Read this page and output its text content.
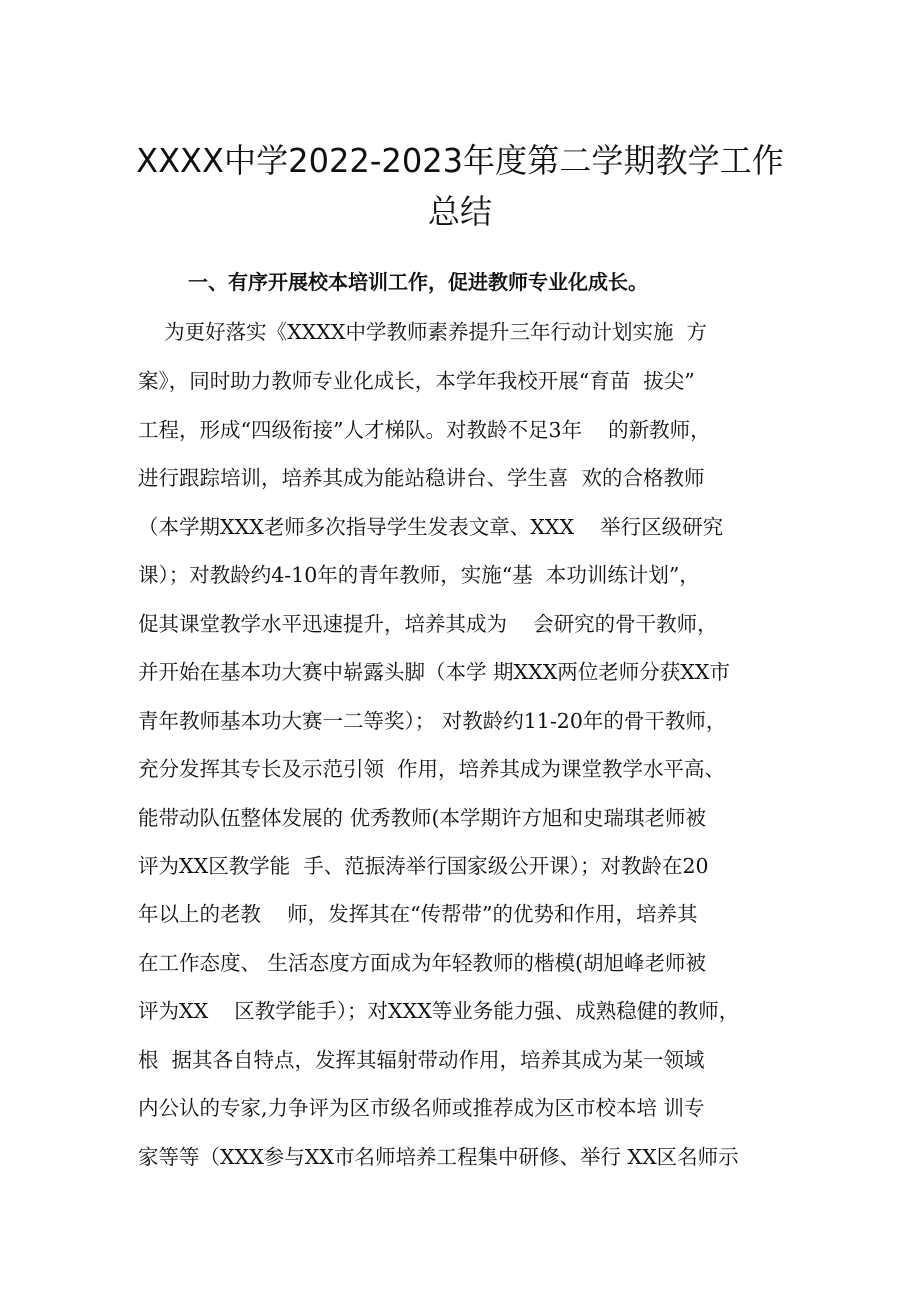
XXXX中学2022-2023年度第二学期教学工作
总结
一、有序开展校本培训工作，促进教师专业化成长。
为更好落实《XXXX中学教师素养提升三年行动计划实施  方
案》，同时助力教师专业化成长，本学年我校开展“育苗  拔尖”
工程，形成“四级衔接”人才梯队。对教龄不足3年    的新教师，
进行跟踪培训，培养其成为能站稳讲台、学生喜  欢的合格教师
（本学期XXX老师多次指导学生发表文章、XXX    举行区级研究
课）；对教龄约4-10年的青年教师，实施“基  本功训练计划”，
促其课堂教学水平迅速提升，培养其成为    会研究的骨干教师，
并开始在基本功大赛中崭露头脚（本学 期XXX两位老师分获XX市
青年教师基本功大赛一二等奖）； 对教龄约11-20年的骨干教师，
充分发挥其专长及示范引领  作用，培养其成为课堂教学水平高、
能带动队伍整体发展的 优秀教师(本学期许方旭和史瑞琪老师被
评为XX区教学能  手、范振涛举行国家级公开课）；对教龄在20
年以上的老教    师，发挥其在“传帮带”的优势和作用，培养其
在工作态度、 生活态度方面成为年轻教师的楷模(胡旭峰老师被
评为XX    区教学能手）；对XXX等业务能力强、成熟稳健的教师，
根  据其各自特点，发挥其辐射带动作用，培养其成为某一领域
内公认的专家,力争评为区市级名师或推荐成为区市校本培 训专
家等等（XXX参与XX市名师培养工程集中研修、举行 XX区名师示
